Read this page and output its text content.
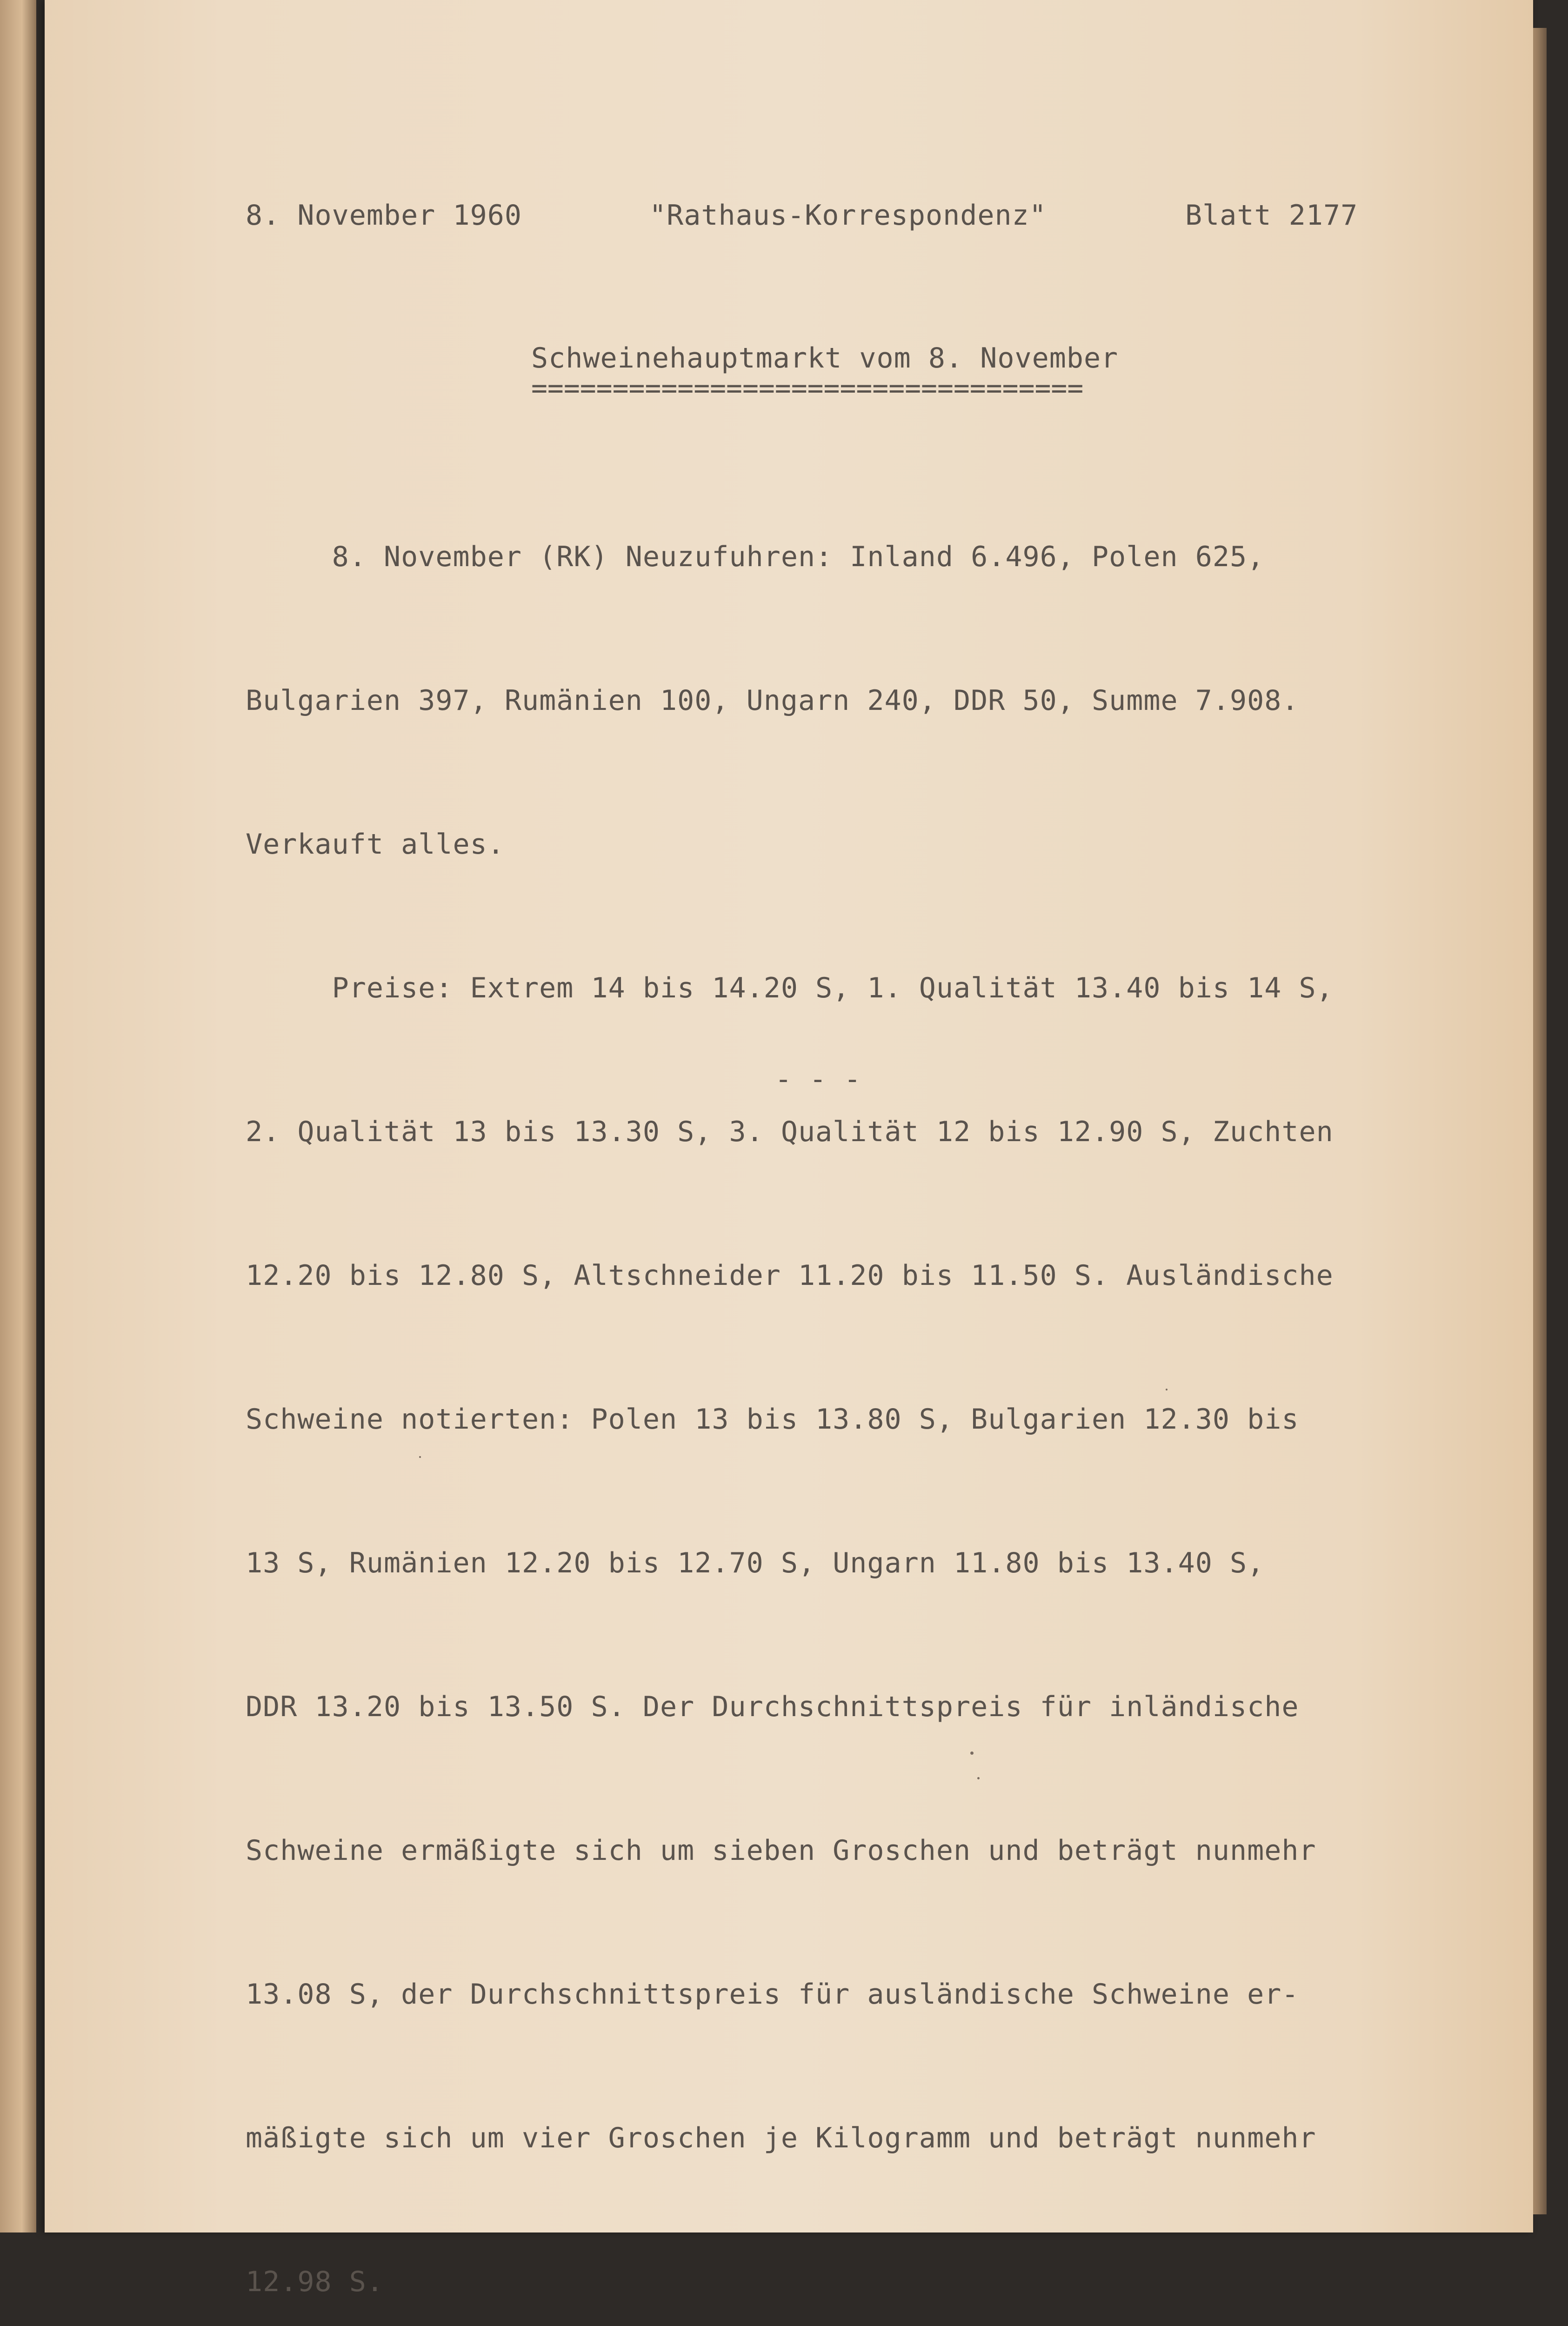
8. November 1960	"Rathaus-Korrespondenz"	Blatt 2177
Schweinehauptmarkt vom 8. November
==================================

8. November (RK) Neuzufuhren: Inland 6.496, Polen 625,

Bulgarien 397, Rumänien 100, Ungarn 240, DDR 50, Summe 7.908.

Verkauft alles.

Preise: Extrem 14 bis 14.20 S, 1. Qualität 13.40 bis 14 S,

2. Qualität 13 bis 13.30 S, 3. Qualität 12 bis 12.90 S, Zuchten

12.20 bis 12.80 S, Altschneider 11.20 bis 11.50 S. Ausländische

Schweine notierten: Polen 13 bis 13.80 S, Bulgarien 12.30 bis

13 S, Rumänien 12.20 bis 12.70 S, Ungarn 11.80 bis 13.40 S,

DDR 13.20 bis 13.50 S. Der Durchschnittspreis für inländische

Schweine ermäßigte sich um sieben Groschen und beträgt nunmehr

13.08 S, der Durchschnittspreis für ausländische Schweine er-

mäßigte sich um vier Groschen je Kilogramm und beträgt nunmehr

12.98 S.

- - -
